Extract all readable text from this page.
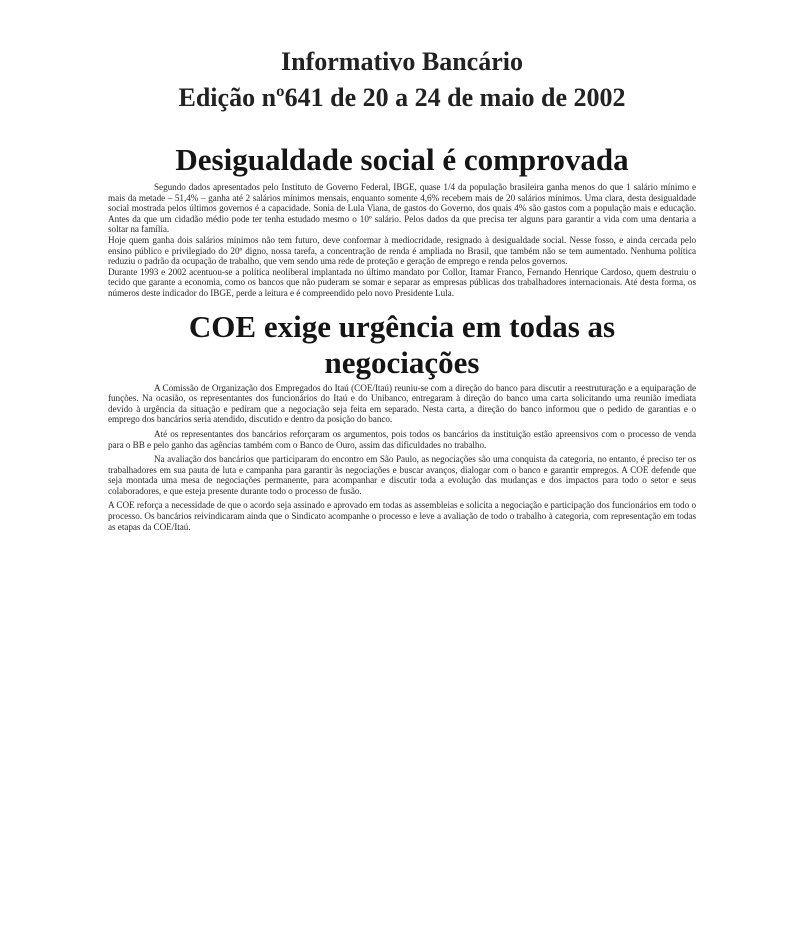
Informativo Bancário
Edição nº641 de 20 a 24 de maio de 2002
Desigualdade social é comprovada

Segundo dados apresentados pelo Instituto de Governo Federal, IBGE, quase 1/4 da população brasileira ganha menos do que 1 salário mínimo e mais da metade – 51,4% – ganha até 2 salários mínimos mensais, enquanto somente 4,6% recebem mais de 20 salários mínimos. Uma clara, desta desigualdade social mostrada pelos últimos governos é a capacidade. Sonia de Lula Viana, de gastos do Governo, dos quais 4% são gastos com a população mais e educação. Antes da que um cidadão médio pode ter tenha estudado mesmo o 10º salário. Pelos dados da que precisa ter alguns para garantir a vida com uma dentaria a soltar na família.

Hoje quem ganha dois salários mínimos não tem futuro, deve conformar à mediocridade, resignado à desigualdade social. Nesse fosso, e ainda cercada pelo ensino público e privilegiado do 20º digno, nossa tarefa, a concentração de renda é ampliada no Brasil, que também não se tem aumentado. Nenhuma política reduziu o padrão da ocupação de trabalho, que vem sendo uma rede de proteção e geração de emprego e renda pelos governos.

Durante 1993 e 2002 acentuou-se a política neoliberal implantada no último mandato por Collor, Itamar Franco, Fernando Henrique Cardoso, quem destruiu o tecido que garante a economia, como os bancos que não puderam se somar e separar as empresas públicas dos trabalhadores internacionais. Até desta forma, os números deste indicador do IBGE, perde a leitura e é compreendido pelo novo Presidente Lula.

COE exige urgência em todas as negociações

A Comissão de Organização dos Empregados do Itaú (COE/Itaú) reuniu-se com a direção do banco para discutir a reestruturação e a equiparação de funções. Na ocasião, os representantes dos funcionários do Itaú e do Unibanco, entregaram à direção do banco uma carta solicitando uma reunião imediata devido à urgência da situação e pediram que a negociação seja feita em separado. Nesta carta, a direção do banco informou que o pedido de garantias e o emprego dos bancários seria atendido, discutido e dentro da posição do banco.

Até os representantes dos bancários reforçaram os argumentos, pois todos os bancários da instituição estão apreensivos com o processo de venda para o BB e pelo ganho das agências também com o Banco de Ouro, assim das dificuldades no trabalho.

Na avaliação dos bancários que participaram do encontro em São Paulo, as negociações são uma conquista da categoria, no entanto, é preciso ter os trabalhadores em sua pauta de luta e campanha para garantir às negociações e buscar avanços, dialogar com o banco e garantir empregos. A COE defende que seja montada uma mesa de negociações permanente, para acompanhar e discutir toda a evolução das mudanças e dos impactos para todo o setor e seus colaboradores, e que esteja presente durante todo o processo de fusão.

A COE reforça a necessidade de que o acordo seja assinado e aprovado em todas as assembleias e solicita a negociação e participação dos funcionários em todo o processo. Os bancários reivindicaram ainda que o Sindicato acompanhe o processo e leve a avaliação de todo o trabalho à categoria, com representação em todas as etapas da COE/Itaú.
